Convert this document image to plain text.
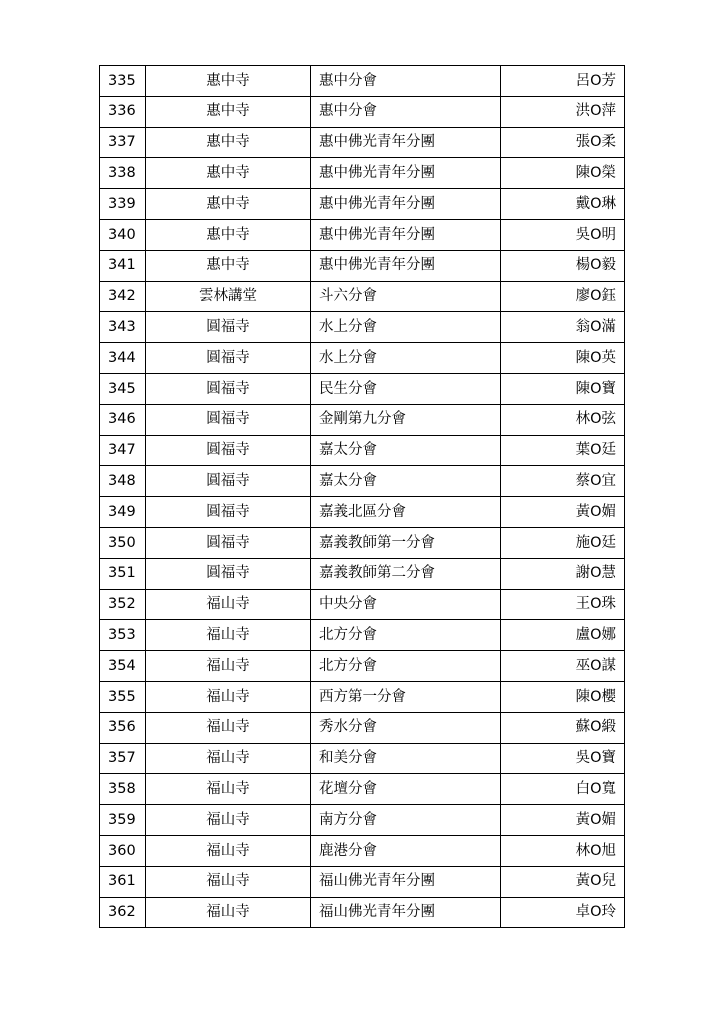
335	惠中寺	惠中分會	呂O芳
336	惠中寺	惠中分會	洪O萍
337	惠中寺	惠中佛光青年分團	張O柔
338	惠中寺	惠中佛光青年分團	陳O榮
339	惠中寺	惠中佛光青年分團	戴O琳
340	惠中寺	惠中佛光青年分團	吳O明
341	惠中寺	惠中佛光青年分團	楊O毅
342	雲林講堂	斗六分會	廖O鈺
343	圓福寺	水上分會	翁O滿
344	圓福寺	水上分會	陳O英
345	圓福寺	民生分會	陳O寶
346	圓福寺	金剛第九分會	林O弦
347	圓福寺	嘉太分會	葉O廷
348	圓福寺	嘉太分會	蔡O宜
349	圓福寺	嘉義北區分會	黃O媚
350	圓福寺	嘉義教師第一分會	施O廷
351	圓福寺	嘉義教師第二分會	謝O慧
352	福山寺	中央分會	王O珠
353	福山寺	北方分會	盧O娜
354	福山寺	北方分會	巫O謀
355	福山寺	西方第一分會	陳O櫻
356	福山寺	秀水分會	蘇O緞
357	福山寺	和美分會	吳O寶
358	福山寺	花壇分會	白O寬
359	福山寺	南方分會	黃O媚
360	福山寺	鹿港分會	林O旭
361	福山寺	福山佛光青年分團	黃O兒
362	福山寺	福山佛光青年分團	卓O玲
